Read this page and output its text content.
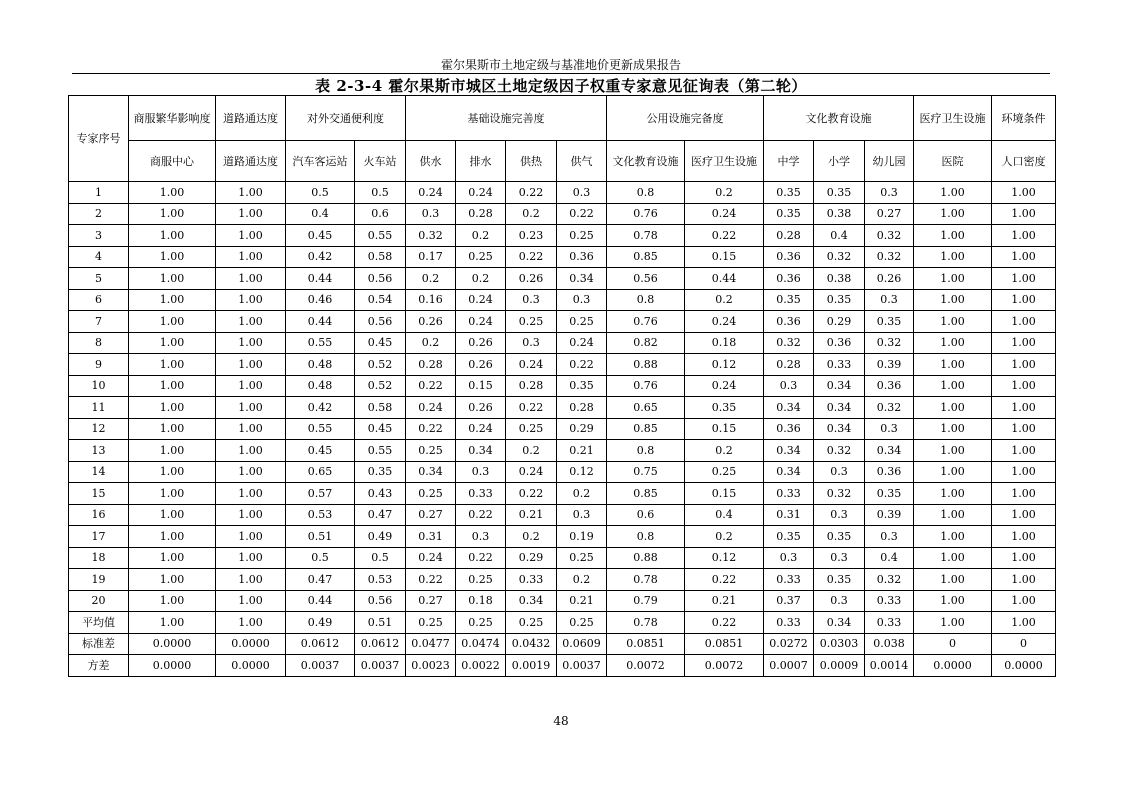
霍尔果斯市土地定级与基准地价更新成果报告
表 2-3-4 霍尔果斯市城区土地定级因子权重专家意见征询表（第二轮）
专家序号	商服繁华影响度	道路通达度	对外交通便利度		基础设施完善度				公用设施完备度		文化教育设施			医疗卫生设施	环境条件
	商服中心	道路通达度	汽车客运站	火车站	供水	排水	供热	供气	文化教育设施	医疗卫生设施	中学	小学	幼儿园	医院	人口密度
1	1.00	1.00	0.5	0.5	0.24	0.24	0.22	0.3	0.8	0.2	0.35	0.35	0.3	1.00	1.00
2	1.00	1.00	0.4	0.6	0.3	0.28	0.2	0.22	0.76	0.24	0.35	0.38	0.27	1.00	1.00
3	1.00	1.00	0.45	0.55	0.32	0.2	0.23	0.25	0.78	0.22	0.28	0.4	0.32	1.00	1.00
4	1.00	1.00	0.42	0.58	0.17	0.25	0.22	0.36	0.85	0.15	0.36	0.32	0.32	1.00	1.00
5	1.00	1.00	0.44	0.56	0.2	0.2	0.26	0.34	0.56	0.44	0.36	0.38	0.26	1.00	1.00
6	1.00	1.00	0.46	0.54	0.16	0.24	0.3	0.3	0.8	0.2	0.35	0.35	0.3	1.00	1.00
7	1.00	1.00	0.44	0.56	0.26	0.24	0.25	0.25	0.76	0.24	0.36	0.29	0.35	1.00	1.00
8	1.00	1.00	0.55	0.45	0.2	0.26	0.3	0.24	0.82	0.18	0.32	0.36	0.32	1.00	1.00
9	1.00	1.00	0.48	0.52	0.28	0.26	0.24	0.22	0.88	0.12	0.28	0.33	0.39	1.00	1.00
10	1.00	1.00	0.48	0.52	0.22	0.15	0.28	0.35	0.76	0.24	0.3	0.34	0.36	1.00	1.00
11	1.00	1.00	0.42	0.58	0.24	0.26	0.22	0.28	0.65	0.35	0.34	0.34	0.32	1.00	1.00
12	1.00	1.00	0.55	0.45	0.22	0.24	0.25	0.29	0.85	0.15	0.36	0.34	0.3	1.00	1.00
13	1.00	1.00	0.45	0.55	0.25	0.34	0.2	0.21	0.8	0.2	0.34	0.32	0.34	1.00	1.00
14	1.00	1.00	0.65	0.35	0.34	0.3	0.24	0.12	0.75	0.25	0.34	0.3	0.36	1.00	1.00
15	1.00	1.00	0.57	0.43	0.25	0.33	0.22	0.2	0.85	0.15	0.33	0.32	0.35	1.00	1.00
16	1.00	1.00	0.53	0.47	0.27	0.22	0.21	0.3	0.6	0.4	0.31	0.3	0.39	1.00	1.00
17	1.00	1.00	0.51	0.49	0.31	0.3	0.2	0.19	0.8	0.2	0.35	0.35	0.3	1.00	1.00
18	1.00	1.00	0.5	0.5	0.24	0.22	0.29	0.25	0.88	0.12	0.3	0.3	0.4	1.00	1.00
19	1.00	1.00	0.47	0.53	0.22	0.25	0.33	0.2	0.78	0.22	0.33	0.35	0.32	1.00	1.00
20	1.00	1.00	0.44	0.56	0.27	0.18	0.34	0.21	0.79	0.21	0.37	0.3	0.33	1.00	1.00
平均值	1.00	1.00	0.49	0.51	0.25	0.25	0.25	0.25	0.78	0.22	0.33	0.34	0.33	1.00	1.00
标准差	0.0000	0.0000	0.0612	0.0612	0.0477	0.0474	0.0432	0.0609	0.0851	0.0851	0.0272	0.0303	0.038	0	0
方差	0.0000	0.0000	0.0037	0.0037	0.0023	0.0022	0.0019	0.0037	0.0072	0.0072	0.0007	0.0009	0.0014	0.0000	0.0000
48
